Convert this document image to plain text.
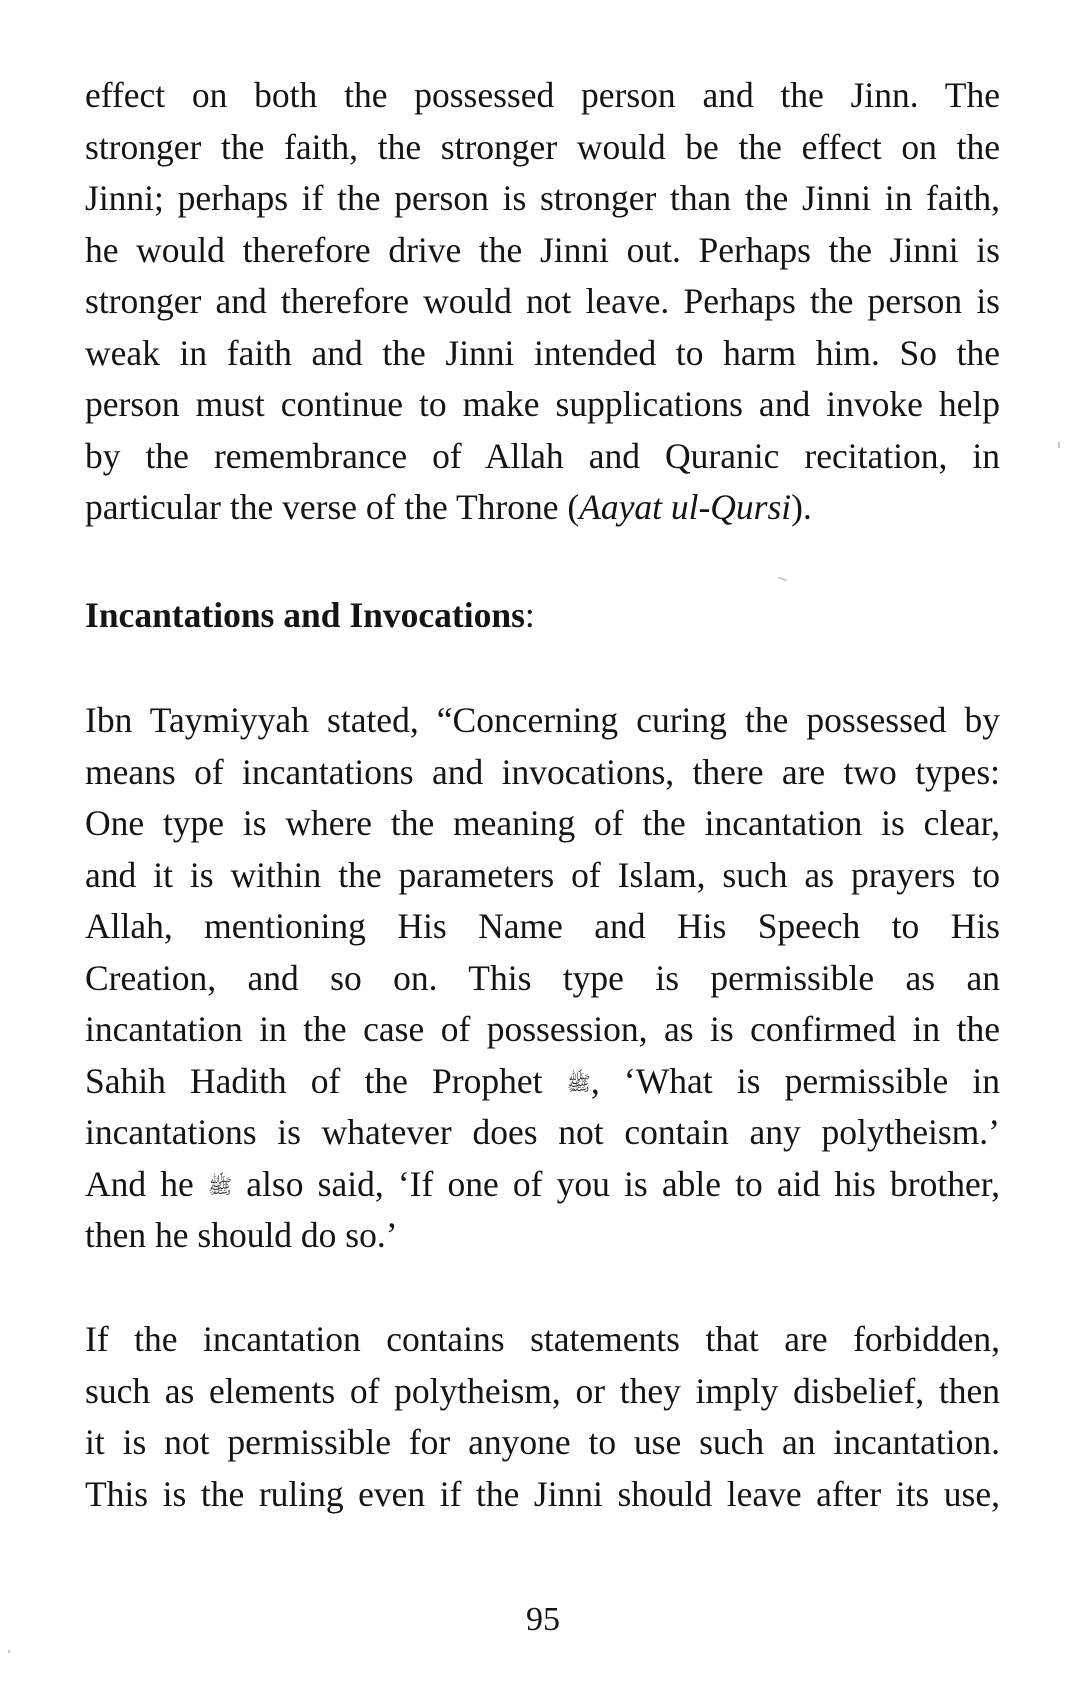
effect on both the possessed person and the Jinn. The
stronger the faith, the stronger would be the effect on the
Jinni; perhaps if the person is stronger than the Jinni in faith,
he would therefore drive the Jinni out. Perhaps the Jinni is
stronger and therefore would not leave. Perhaps the person is
weak in faith and the Jinni intended to harm him. So the
person must continue to make supplications and invoke help
by the remembrance of Allah and Quranic recitation, in
particular the verse of the Throne (Aayat ul-Qursi).
Incantations and Invocations:
Ibn Taymiyyah stated, “Concerning curing the possessed by
means of incantations and invocations, there are two types:
One type is where the meaning of the incantation is clear,
and it is within the parameters of Islam, such as prayers to
Allah, mentioning His Name and His Speech to His
Creation, and so on. This type is permissible as an
incantation in the case of possession, as is confirmed in the
Sahih Hadith of the Prophet ﷺ, ‘What is permissible in
incantations is whatever does not contain any polytheism.’
And he ﷺ also said, ‘If one of you is able to aid his brother,
then he should do so.’
If the incantation contains statements that are forbidden,
such as elements of polytheism, or they imply disbelief, then
it is not permissible for anyone to use such an incantation.
This is the ruling even if the Jinni should leave after its use,
95
